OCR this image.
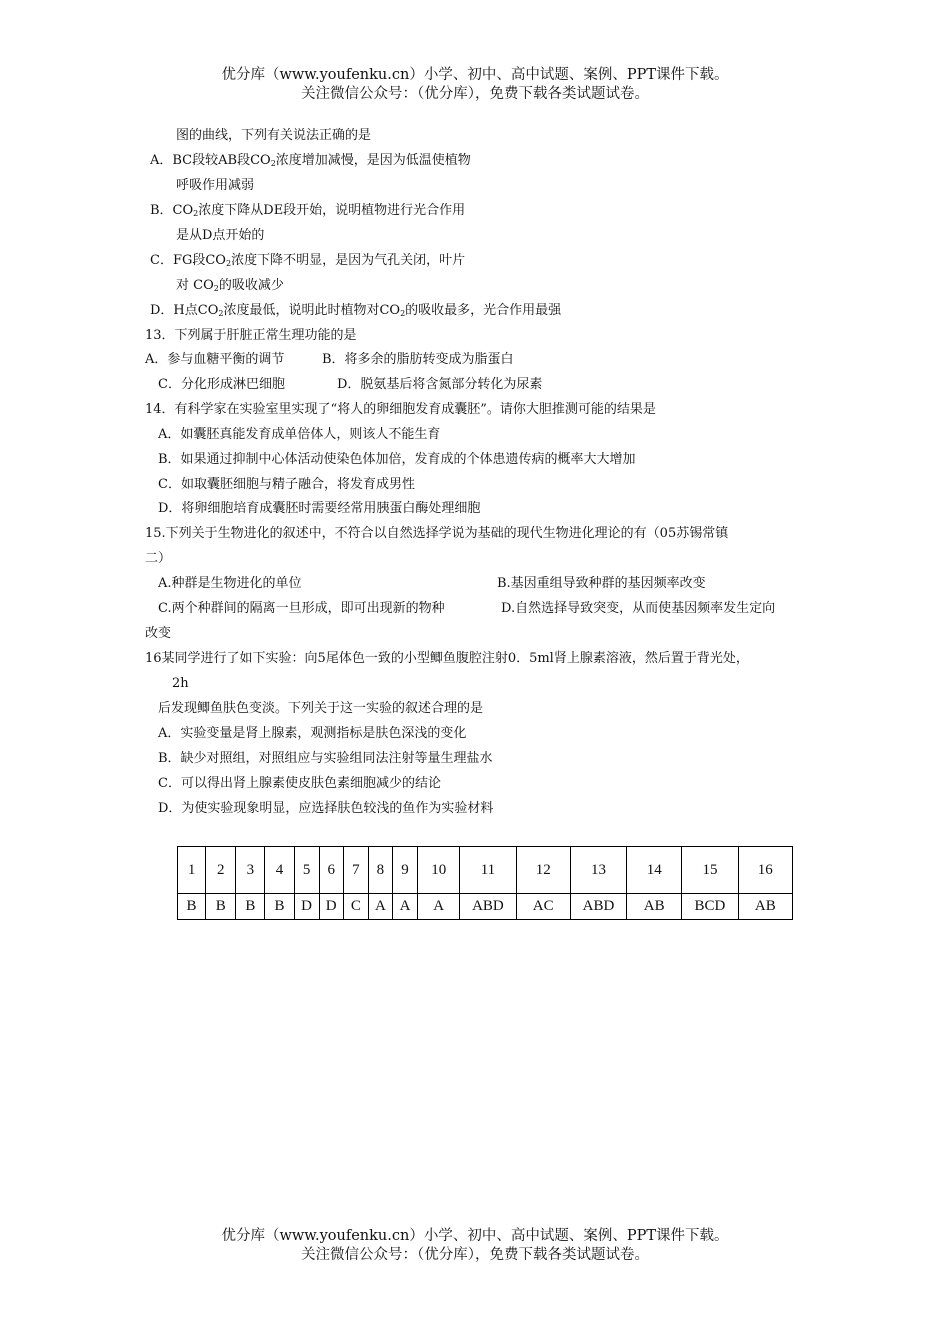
优分库（www.youfenku.cn）小学、初中、高中试题、案例、PPT课件下载。
关注微信公众号：（优分库），免费下载各类试题试卷。
图的曲线，下列有关说法正确的是
A．BC段较AB段$CO_2$浓度增加减慢，是因为低温使植物
呼吸作用减弱
B．$CO_2$浓度下降从DE段开始，说明植物进行光合作用
是从D点开始的
C．FG段$CO_2$浓度下降不明显，是因为气孔关闭，叶片
对 $CO_2$的吸收减少
D．H点$CO_2$浓度最低，说明此时植物对$CO_2$的吸收最多，光合作用最强
13．下列属于肝脏正常生理功能的是
A．参与血糖平衡的调节	B．将多余的脂肪转变成为脂蛋白
C．分化形成淋巴细胞	D．脱氨基后将含氮部分转化为尿素
14．有科学家在实验室里实现了“将人的卵细胞发育成囊胚”。请你大胆推测可能的结果是
A．如囊胚真能发育成单倍体人，则该人不能生育
B．如果通过抑制中心体活动使染色体加倍，发育成的个体患遗传病的概率大大增加
C．如取囊胚细胞与精子融合，将发育成男性
D．将卵细胞培育成囊胚时需要经常用胰蛋白酶处理细胞
15.下列关于生物进化的叙述中，不符合以自然选择学说为基础的现代生物进化理论的有（05苏锡常镇
二）
A.种群是生物进化的单位	B.基因重组导致种群的基因频率改变
C.两个种群间的隔离一旦形成，即可出现新的物种	D.自然选择导致突变，从而使基因频率发生定向
改变
16某同学进行了如下实验：向5尾体色一致的小型鲫鱼腹腔注射0．5ml肾上腺素溶液，然后置于背光处，
2h
后发现鲫鱼肤色变淡。下列关于这一实验的叙述合理的是
A．实验变量是肾上腺素，观测指标是肤色深浅的变化
B．缺少对照组，对照组应与实验组同法注射等量生理盐水
C．可以得出肾上腺素使皮肤色素细胞减少的结论
D．为使实验现象明显，应选择肤色较浅的鱼作为实验材料
1	2	3	4	5	6	7	8	9	10	11	12	13	14	15	16
B	B	B	B	D	D	C	A	A	A	ABD	AC	ABD	AB	BCD	AB
优分库（www.youfenku.cn）小学、初中、高中试题、案例、PPT课件下载。
关注微信公众号：（优分库），免费下载各类试题试卷。
